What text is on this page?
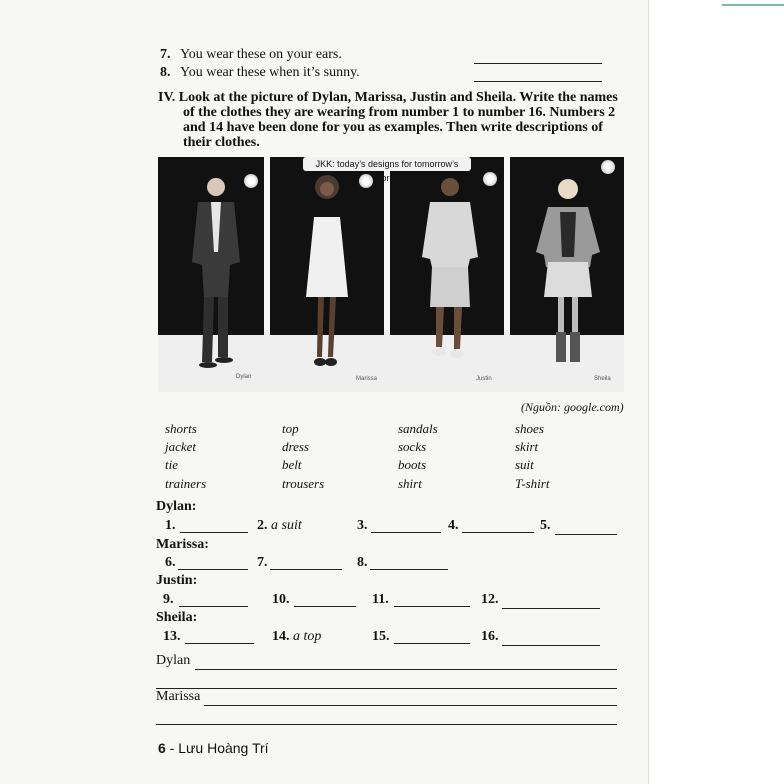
7. You wear these on your ears.
8. You wear these when it’s sunny.
IV. Look at the picture of Dylan, Marissa, Justin and Sheila. Write the names
of the clothes they are wearing from number 1 to number 16. Numbers 2
and 14 have been done for you as examples. Then write descriptions of
their clothes.
JKK: today’s designs for tomorrow’s world.
Dylan	Marissa	Justin	Sheila
(Nguồn: google.com)
shorts	top	sandals	shoes
jacket	dress	socks	skirt
tie	belt	boots	suit
trainers	trousers	shirt	T-shirt
Dylan:
1.	2. a suit	3.	4.	5.
Marissa:
6.	7.	8.
Justin:
9.	10.	11.	12.
Sheila:
13.	14. a top	15.	16.
Dylan
Marissa
6 - Lưu Hoàng Trí
